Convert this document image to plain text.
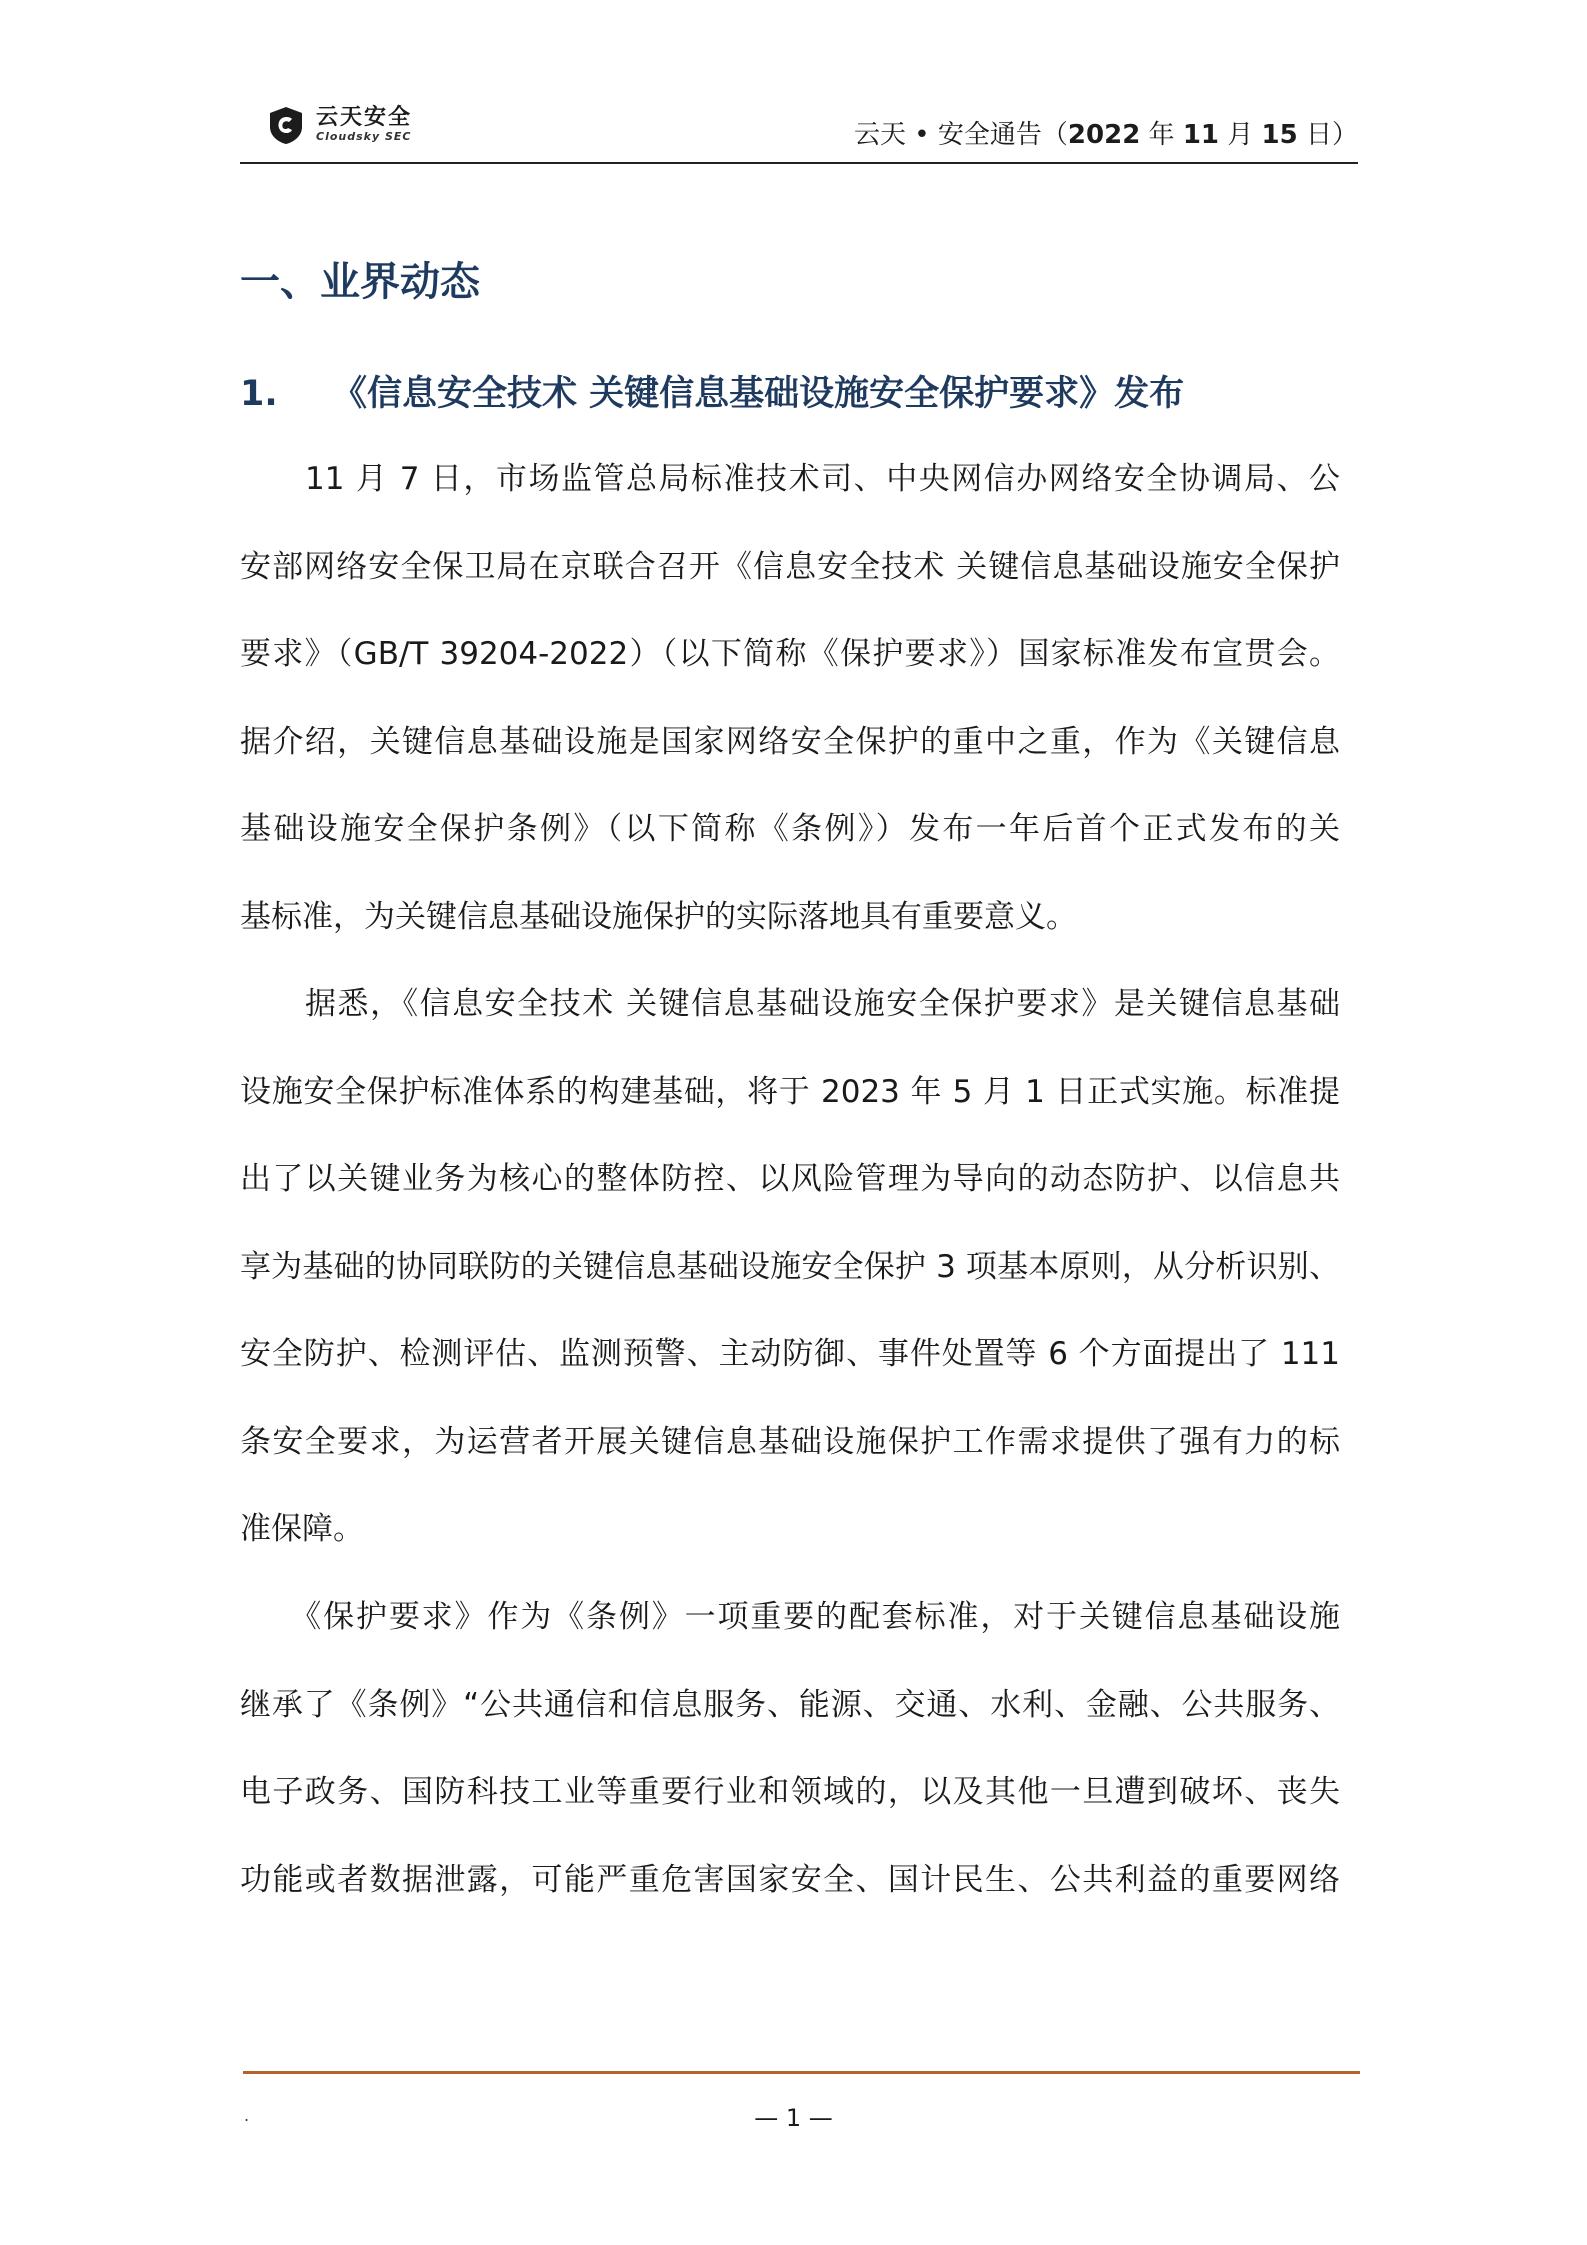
云天安全
Cloudsky SEC	云天 • 安全通告（2022 年 11 月 15 日）
一、业界动态
1. 《信息安全技术 关键信息基础设施安全保护要求》发布
　　11 月 7 日，市场监管总局标准技术司、中央网信办网络安全协调局、公
安部网络安全保卫局在京联合召开《信息安全技术 关键信息基础设施安全保护
要求》（GB/T 39204-2022）（以下简称《保护要求》）国家标准发布宣贯会。
据介绍，关键信息基础设施是国家网络安全保护的重中之重，作为《关键信息
基础设施安全保护条例》（以下简称《条例》）发布一年后首个正式发布的关
基标准，为关键信息基础设施保护的实际落地具有重要意义。
　　据悉，《信息安全技术 关键信息基础设施安全保护要求》是关键信息基础
设施安全保护标准体系的构建基础，将于 2023 年 5 月 1 日正式实施。标准提
出了以关键业务为核心的整体防控、以风险管理为导向的动态防护、以信息共
享为基础的协同联防的关键信息基础设施安全保护 3 项基本原则，从分析识别、
安全防护、检测评估、监测预警、主动防御、事件处置等 6 个方面提出了 111
条安全要求，为运营者开展关键信息基础设施保护工作需求提供了强有力的标
准保障。
　　《保护要求》作为《条例》一项重要的配套标准，对于关键信息基础设施
继承了《条例》“公共通信和信息服务、能源、交通、水利、金融、公共服务、
电子政务、国防科技工业等重要行业和领域的，以及其他一旦遭到破坏、丧失
功能或者数据泄露，可能严重危害国家安全、国计民生、公共利益的重要网络
.	— 1 —
